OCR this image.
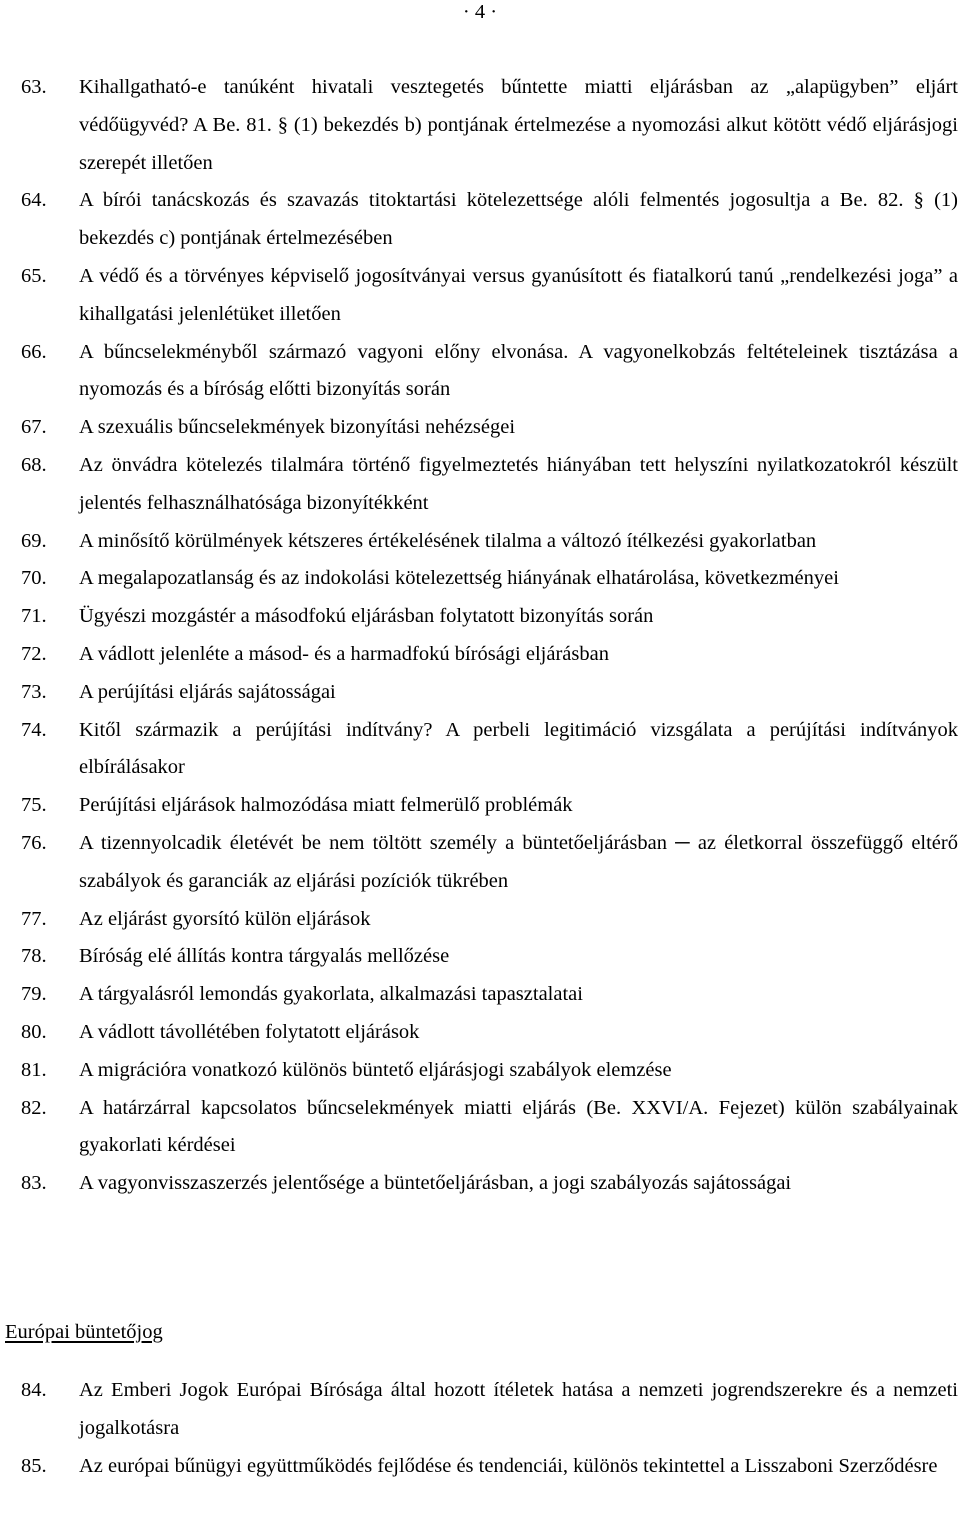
· 4 ·
63. Kihallgatható-e tanúként hivatali vesztegetés bűntette miatti eljárásban az „alapügyben” eljárt védőügyvéd? A Be. 81. § (1) bekezdés b) pontjának értelmezése a nyomozási alkut kötött védő eljárásjogi szerepét illetően
64. A bírói tanácskozás és szavazás titoktartási kötelezettsége alóli felmentés jogosultja a Be. 82. § (1) bekezdés c) pontjának értelmezésében
65. A védő és a törvényes képviselő jogosítványai versus gyanúsított és fiatalkorú tanú „rendelkezési joga” a kihallgatási jelenlétüket illetően
66. A bűncselekményből származó vagyoni előny elvonása. A vagyonelkobzás feltételeinek tisztázása a nyomozás és a bíróság előtti bizonyítás során
67. A szexuális bűncselekmények bizonyítási nehézségei
68. Az önvádra kötelezés tilalmára történő figyelmeztetés hiányában tett helyszíni nyilatkozatokról készült jelentés felhasználhatósága bizonyítékként
69. A minősítő körülmények kétszeres értékelésének tilalma a változó ítélkezési gyakorlatban
70. A megalapozatlanság és az indokolási kötelezettség hiányának elhatárolása, következményei
71. Ügyészi mozgástér a másodfokú eljárásban folytatott bizonyítás során
72. A vádlott jelenléte a másod- és a harmadfokú bírósági eljárásban
73. A perújítási eljárás sajátosságai
74. Kitől származik a perújítási indítvány? A perbeli legitimáció vizsgálata a perújítási indítványok elbírálásakor
75. Perújítási eljárások halmozódása miatt felmerülő problémák
76. A tizennyolcadik életévét be nem töltött személy a büntetőeljárásban ─ az életkorral összefüggő eltérő szabályok és garanciák az eljárási pozíciók tükrében
77. Az eljárást gyorsító külön eljárások
78. Bíróság elé állítás kontra tárgyalás mellőzése
79. A tárgyalásról lemondás gyakorlata, alkalmazási tapasztalatai
80. A vádlott távollétében folytatott eljárások
81. A migrációra vonatkozó különös büntető eljárásjogi szabályok elemzése
82. A határzárral kapcsolatos bűncselekmények miatti eljárás (Be. XXVI/A. Fejezet) külön szabályainak gyakorlati kérdései
83. A vagyonvisszaszerzés jelentősége a büntetőeljárásban, a jogi szabályozás sajátosságai
Európai büntetőjog
84. Az Emberi Jogok Európai Bírósága által hozott ítéletek hatása a nemzeti jogrendszerekre és a nemzeti jogalkotásra
85. Az európai bűnügyi együttműködés fejlődése és tendenciái, különös tekintettel a Lisszaboni Szerződésre
